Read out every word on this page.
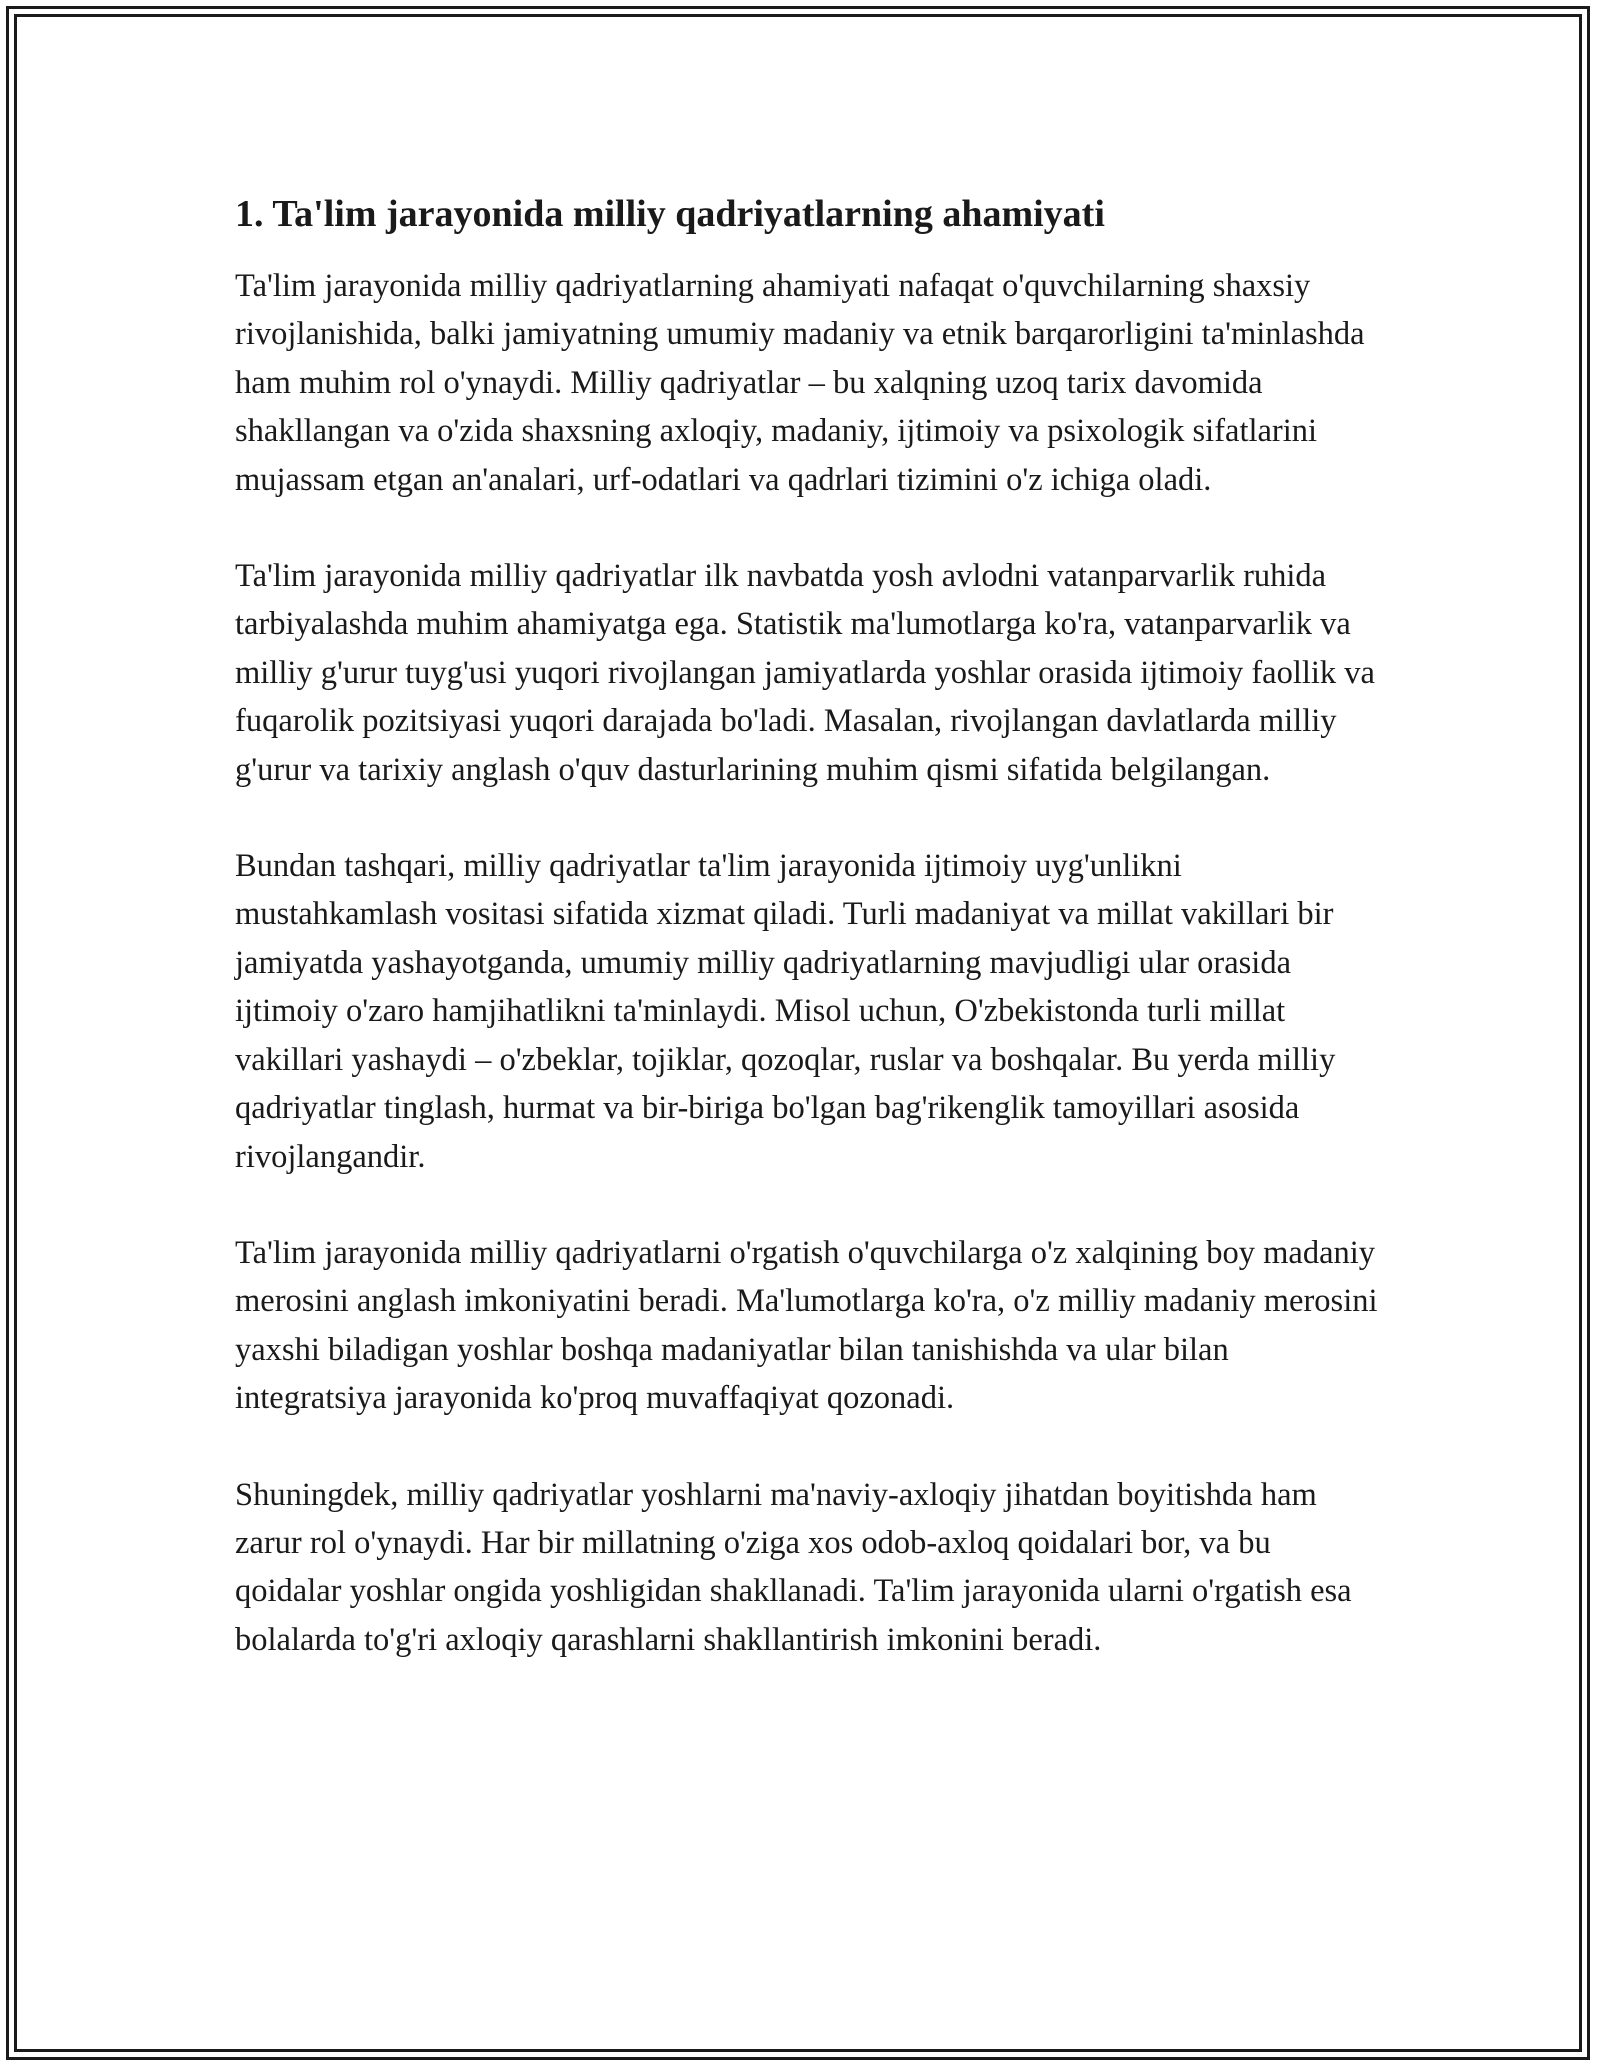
1. Ta'lim jarayonida milliy qadriyatlarning ahamiyati

Ta'lim jarayonida milliy qadriyatlarning ahamiyati nafaqat o'quvchilarning shaxsiy rivojlanishida, balki jamiyatning umumiy madaniy va etnik barqarorligini ta'minlashda ham muhim rol o'ynaydi. Milliy qadriyatlar – bu xalqning uzoq tarix davomida shakllangan va o'zida shaxsning axloqiy, madaniy, ijtimoiy va psixologik sifatlarini mujassam etgan an'analari, urf-odatlari va qadrlari tizimini o'z ichiga oladi.

Ta'lim jarayonida milliy qadriyatlar ilk navbatda yosh avlodni vatanparvarlik ruhida tarbiyalashda muhim ahamiyatga ega. Statistik ma'lumotlarga ko'ra, vatanparvarlik va milliy g'urur tuyg'usi yuqori rivojlangan jamiyatlarda yoshlar orasida ijtimoiy faollik va fuqarolik pozitsiyasi yuqori darajada bo'ladi. Masalan, rivojlangan davlatlarda milliy g'urur va tarixiy anglash o'quv dasturlarining muhim qismi sifatida belgilangan.

Bundan tashqari, milliy qadriyatlar ta'lim jarayonida ijtimoiy uyg'unlikni mustahkamlash vositasi sifatida xizmat qiladi. Turli madaniyat va millat vakillari bir jamiyatda yashayotganda, umumiy milliy qadriyatlarning mavjudligi ular orasida ijtimoiy o'zaro hamjihatlikni ta'minlaydi. Misol uchun, O'zbekistonda turli millat vakillari yashaydi – o'zbeklar, tojiklar, qozoqlar, ruslar va boshqalar. Bu yerda milliy qadriyatlar tinglash, hurmat va bir-biriga bo'lgan bag'rikenglik tamoyillari asosida rivojlangandir.

Ta'lim jarayonida milliy qadriyatlarni o'rgatish o'quvchilarga o'z xalqining boy madaniy merosini anglash imkoniyatini beradi. Ma'lumotlarga ko'ra, o'z milliy madaniy merosini yaxshi biladigan yoshlar boshqa madaniyatlar bilan tanishishda va ular bilan integratsiya jarayonida ko'proq muvaffaqiyat qozonadi.

Shuningdek, milliy qadriyatlar yoshlarni ma'naviy-axloqiy jihatdan boyitishda ham zarur rol o'ynaydi. Har bir millatning o'ziga xos odob-axloq qoidalari bor, va bu qoidalar yoshlar ongida yoshligidan shakllanadi. Ta'lim jarayonida ularni o'rgatish esa bolalarda to'g'ri axloqiy qarashlarni shakllantirish imkonini beradi.
